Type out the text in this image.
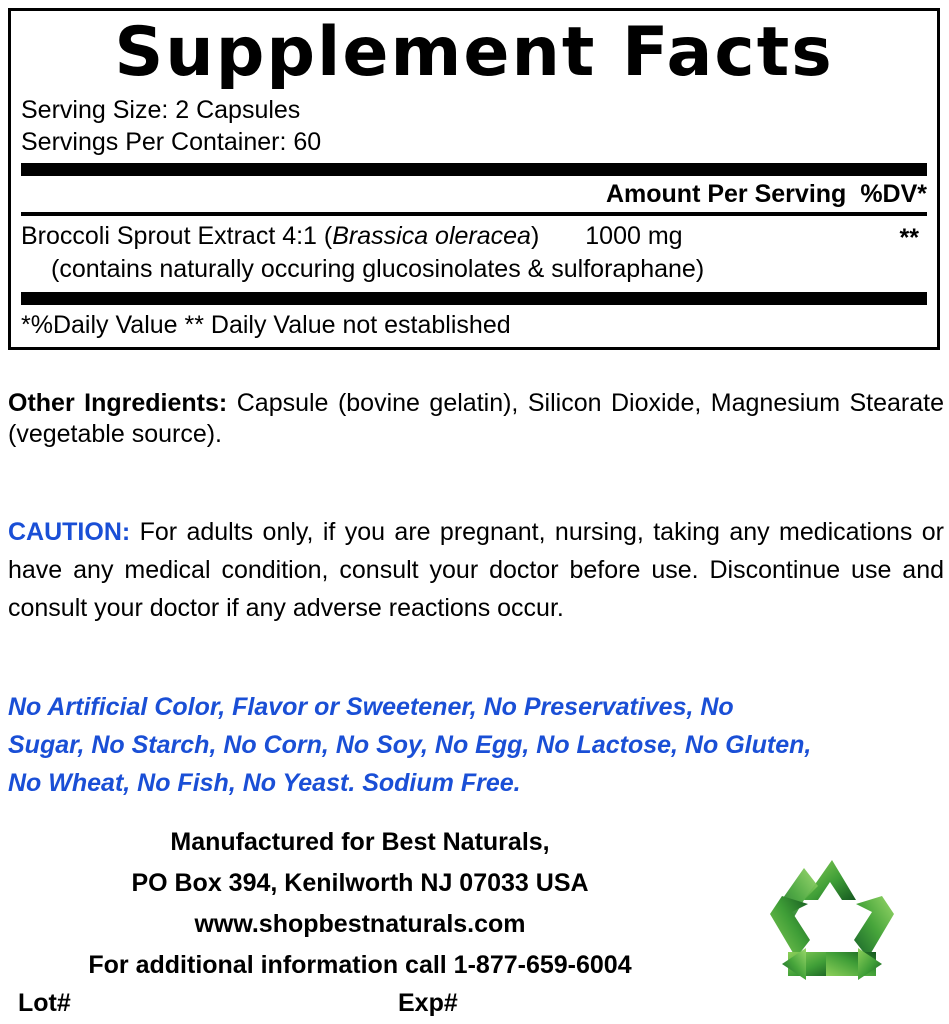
Supplement Facts
Serving Size: 2 Capsules
Servings Per Container: 60
Amount Per Serving %DV*
Broccoli Sprout Extract 4:1 (Brassica oleracea) 1000 mg	**
(contains naturally occuring glucosinolates & sulforaphane)
*%Daily Value ** Daily Value not established
Other Ingredients: Capsule (bovine gelatin), Silicon Dioxide, Magnesium Stearate (vegetable source).
CAUTION: For adults only, if you are pregnant, nursing, taking any medications or have any medical condition, consult your doctor before use. Discontinue use and consult your doctor if any adverse reactions occur.
No Artificial Color, Flavor or Sweetener, No Preservatives, No
Sugar, No Starch, No Corn, No Soy, No Egg, No Lactose, No Gluten,
No Wheat, No Fish, No Yeast. Sodium Free.
Manufactured for Best Naturals,
PO Box 394, Kenilworth NJ 07033 USA
www.shopbestnaturals.com
For additional information call 1-877-659-6004
Lot#	Exp#
